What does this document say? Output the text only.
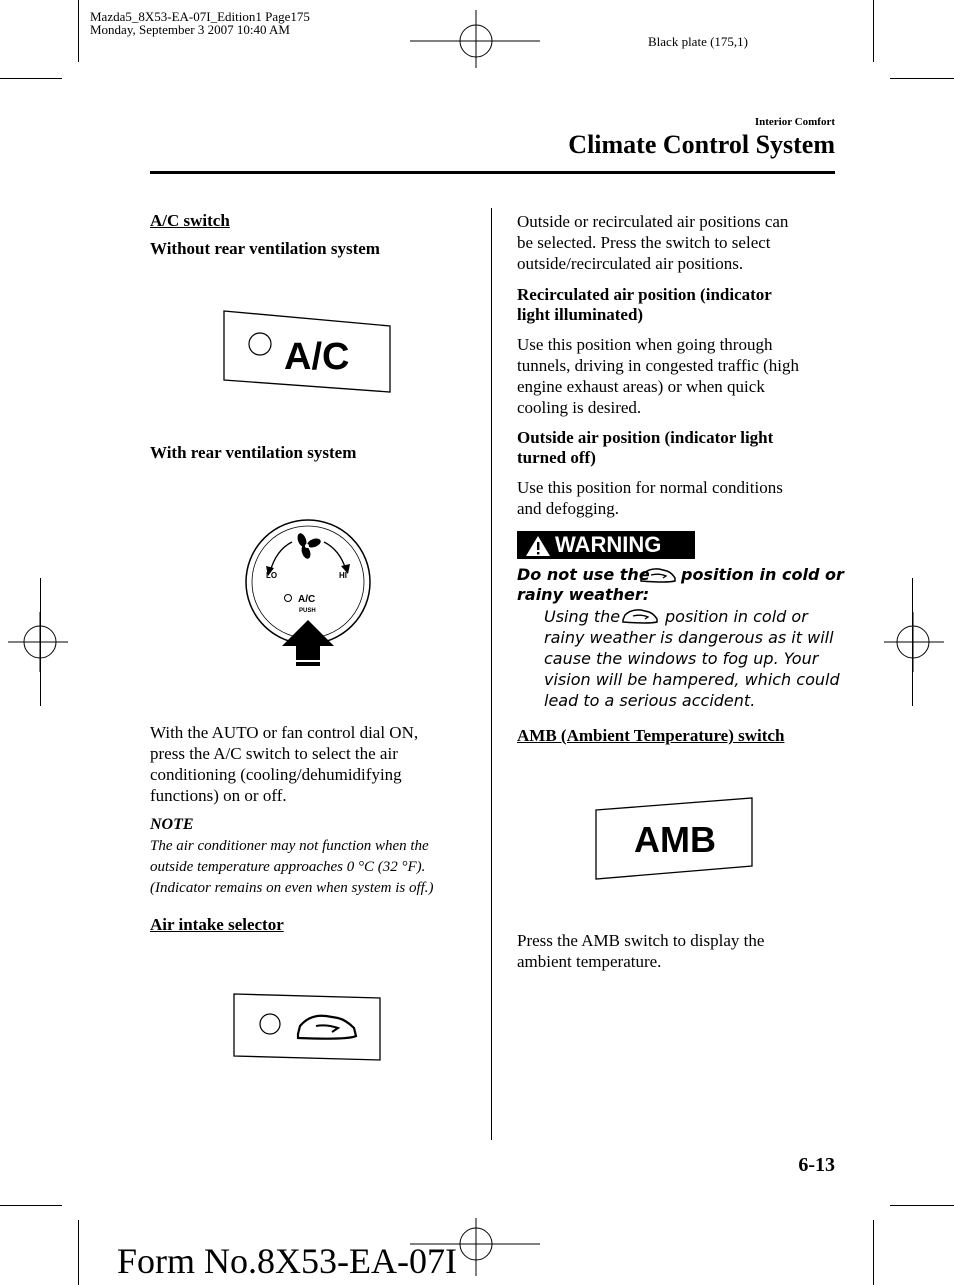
Mazda5_8X53-EA-07I_Edition1 Page175
Monday, September 3 2007 10:40 AM
Black plate (175,1)
Interior Comfort
Climate Control System
A/C switch
Without rear ventilation system
A/C
With rear ventilation system
LO	HI
A/C
PUSH
With the AUTO or fan control dial ON,
press the A/C switch to select the air
conditioning (cooling/dehumidifying
functions) on or off.
NOTE
The air conditioner may not function when the
outside temperature approaches 0 °C (32 °F).
(Indicator remains on even when system is off.)
Air intake selector
Outside or recirculated air positions can
be selected. Press the switch to select
outside/recirculated air positions.
Recirculated air position (indicator
light illuminated)
Use this position when going through
tunnels, driving in congested traffic (high
engine exhaust areas) or when quick
cooling is desired.
Outside air position (indicator light
turned off)
Use this position for normal conditions
and defogging.
WARNING
Do not use the position in cold or
rainy weather:
Using the	position in cold or
rainy weather is dangerous as it will
cause the windows to fog up. Your
vision will be hampered, which could
lead to a serious accident.
AMB (Ambient Temperature) switch
AMB
Press the AMB switch to display the
ambient temperature.
6-13
Form No.8X53-EA-07I
